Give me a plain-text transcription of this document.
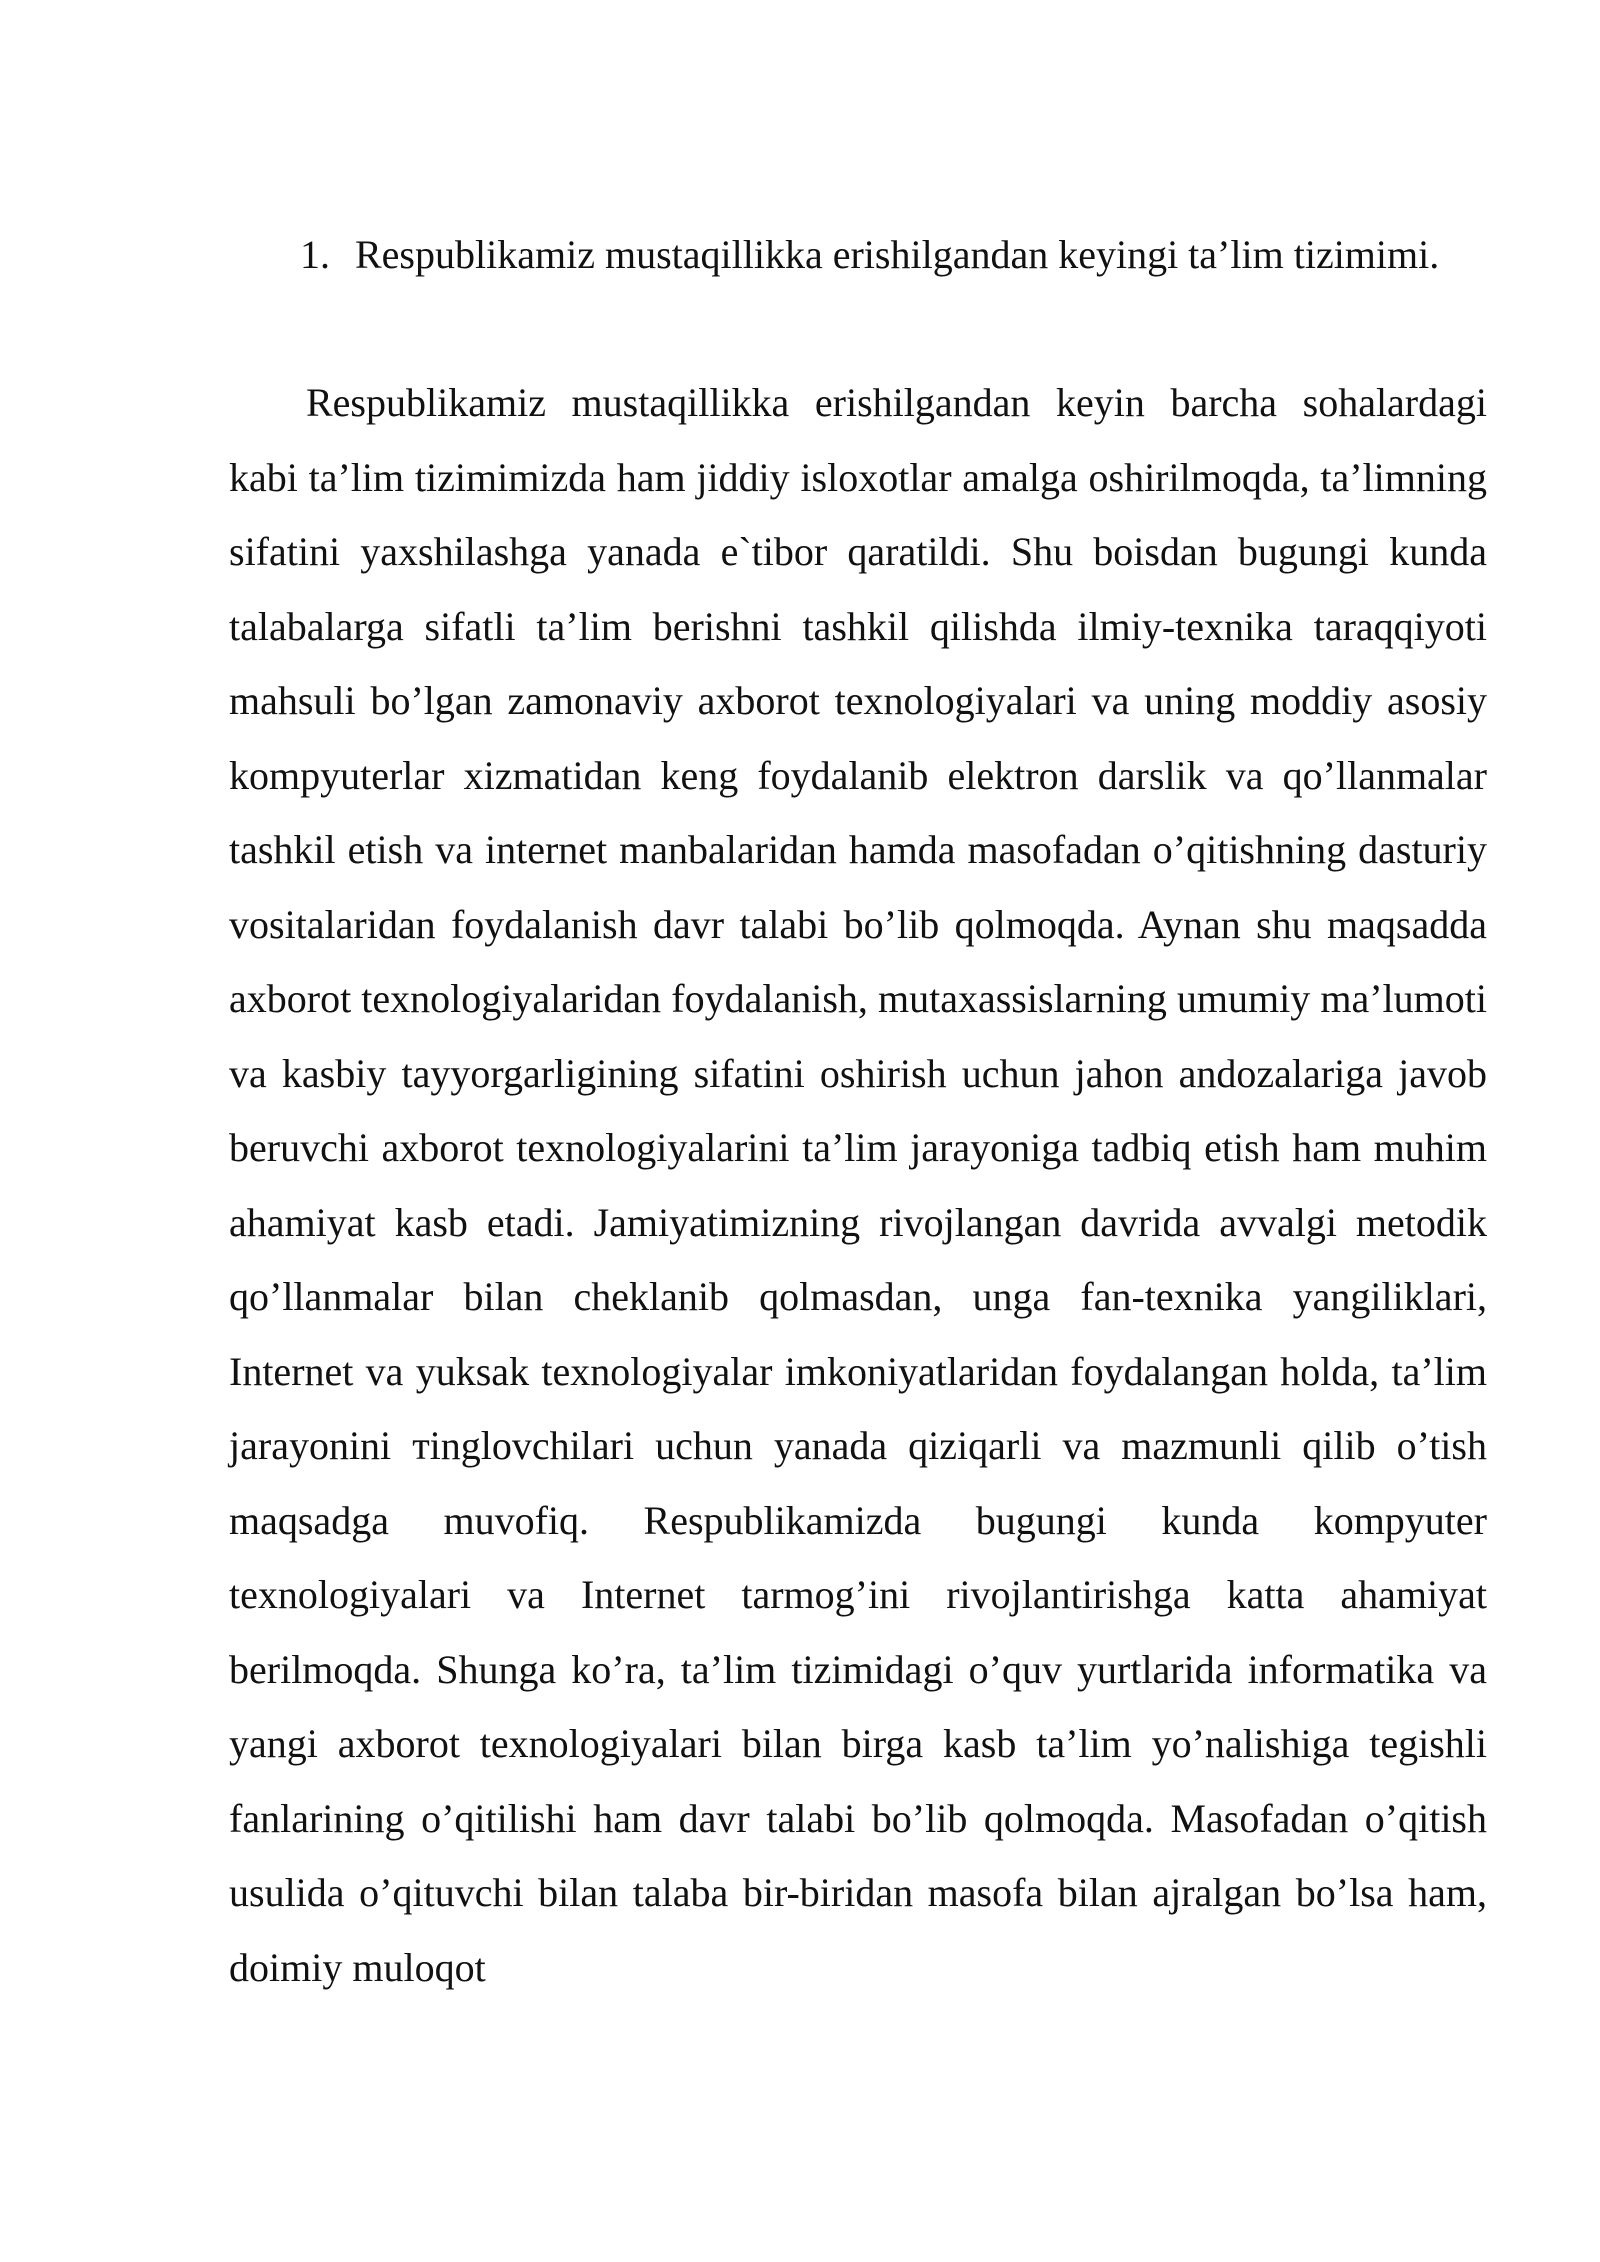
1. Respublikamiz mustaqillikka erishilgandan keyingi ta’lim tizimimi.

Respublikamiz mustaqillikka erishilgandan keyin barcha sohalardagi kabi ta’lim tizimimizda ham jiddiy isloxotlar amalga oshirilmoqda, ta’limning sifatini yaxshilashga yanada e`tibor qaratildi. Shu boisdan bugungi kunda talabalarga sifatli ta’lim berishni tashkil qilishda ilmiy-texnika taraqqiyoti mahsuli bo’lgan zamonaviy axborot texnologiyalari va uning moddiy asosiy kompyuterlar xizmatidan keng foydalanib elektron darslik va qo’llanmalar tashkil etish va internet manbalaridan hamda masofadan o’qitishning dasturiy vositalaridan foydalanish davr talabi bo’lib qolmoqda. Aynan shu maqsadda axborot texnologiyalaridan foydalanish, mutaxassislarning umumiy ma’lumoti va kasbiy tayyorgarligining sifatini oshirish uchun jahon andozalariga javob beruvchi axborot texnologiyalarini ta’lim jarayoniga tadbiq etish ham muhim ahamiyat kasb etadi. Jamiyatimizning rivojlangan davrida avvalgi metodik qo’llanmalar bilan cheklanib qolmasdan, unga fan-texnika yangiliklari, Internet va yuksak texnologiyalar imkoniyatlaridan foydalangan holda, ta’lim jarayonini тinglovchilari uchun yanada qiziqarli va mazmunli qilib o’tish maqsadga muvofiq. Respublikamizda bugungi kunda kompyuter texnologiyalari va Internet tarmog’ini rivojlantirishga katta ahamiyat berilmoqda. Shunga ko’ra, ta’lim tizimidagi o’quv yurtlarida informatika va yangi axborot texnologiyalari bilan birga kasb ta’lim yo’nalishiga tegishli fanlarining o’qitilishi ham davr talabi bo’lib qolmoqda. Masofadan o’qitish usulida o’qituvchi bilan talaba bir-biridan masofa bilan ajralgan bo’lsa ham, doimiy muloqot
